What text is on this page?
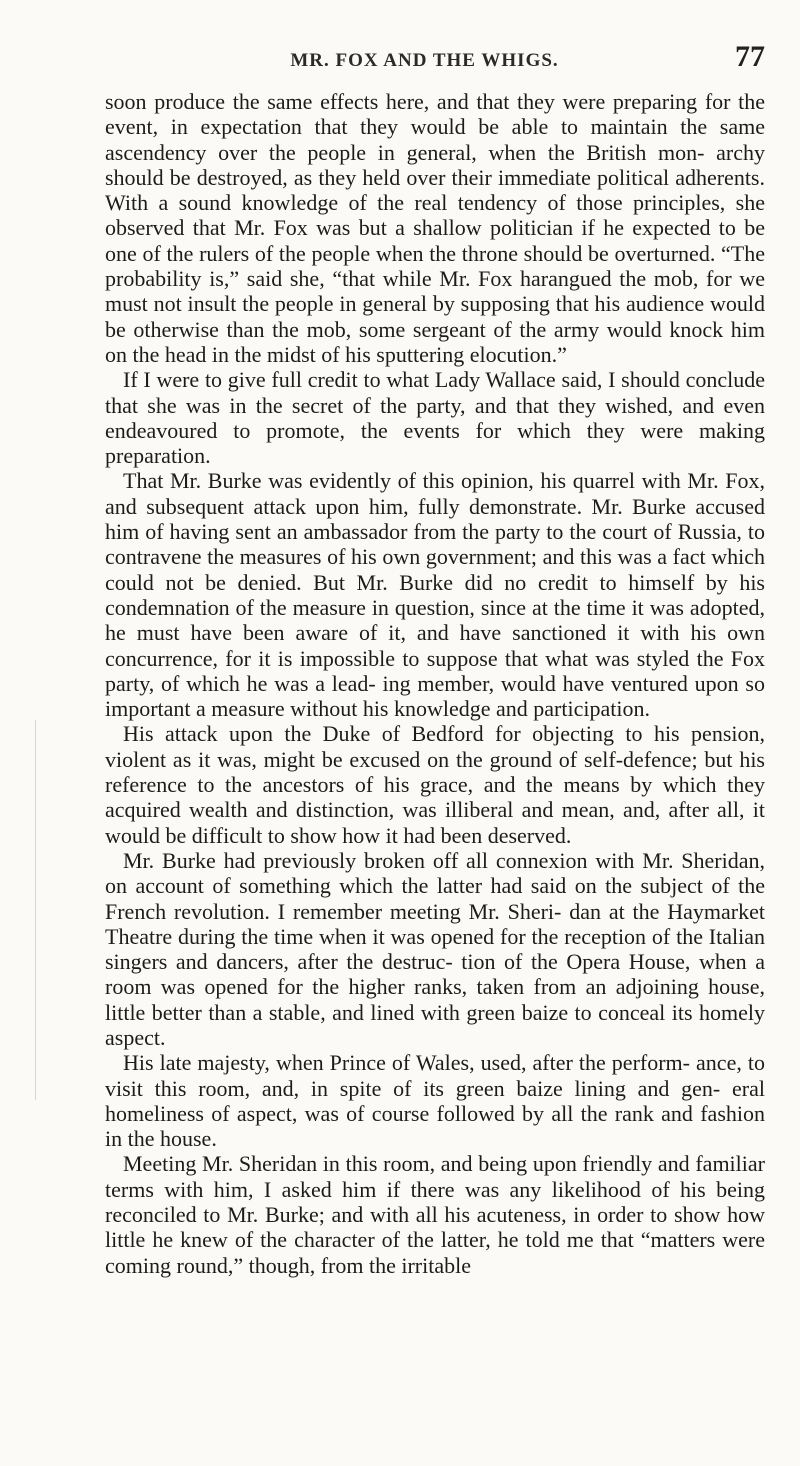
MR. FOX AND THE WHIGS.	77

soon produce the same effects here, and that they were preparing for the event, in expectation that they would be able to maintain the same ascendency over the people in general, when the British mon- archy should be destroyed, as they held over their immediate political adherents. With a sound knowledge of the real tendency of those principles, she observed that Mr. Fox was but a shallow politician if he expected to be one of the rulers of the people when the throne should be overturned. “The probability is,” said she, “that while Mr. Fox harangued the mob, for we must not insult the people in general by supposing that his audience would be otherwise than the mob, some sergeant of the army would knock him on the head in the midst of his sputtering elocution.”

If I were to give full credit to what Lady Wallace said, I should conclude that she was in the secret of the party, and that they wished, and even endeavoured to promote, the events for which they were making preparation.

That Mr. Burke was evidently of this opinion, his quarrel with Mr. Fox, and subsequent attack upon him, fully demonstrate. Mr. Burke accused him of having sent an ambassador from the party to the court of Russia, to contravene the measures of his own government; and this was a fact which could not be denied. But Mr. Burke did no credit to himself by his condemnation of the measure in question, since at the time it was adopted, he must have been aware of it, and have sanctioned it with his own concurrence, for it is impossible to suppose that what was styled the Fox party, of which he was a lead- ing member, would have ventured upon so important a measure without his knowledge and participation.

His attack upon the Duke of Bedford for objecting to his pension, violent as it was, might be excused on the ground of self-defence; but his reference to the ancestors of his grace, and the means by which they acquired wealth and distinction, was illiberal and mean, and, after all, it would be difficult to show how it had been deserved.

Mr. Burke had previously broken off all connexion with Mr. Sheridan, on account of something which the latter had said on the subject of the French revolution. I remember meeting Mr. Sheri- dan at the Haymarket Theatre during the time when it was opened for the reception of the Italian singers and dancers, after the destruc- tion of the Opera House, when a room was opened for the higher ranks, taken from an adjoining house, little better than a stable, and lined with green baize to conceal its homely aspect.

His late majesty, when Prince of Wales, used, after the perform- ance, to visit this room, and, in spite of its green baize lining and gen- eral homeliness of aspect, was of course followed by all the rank and fashion in the house.

Meeting Mr. Sheridan in this room, and being upon friendly and familiar terms with him, I asked him if there was any likelihood of his being reconciled to Mr. Burke; and with all his acuteness, in order to show how little he knew of the character of the latter, he told me that “matters were coming round,” though, from the irritable
